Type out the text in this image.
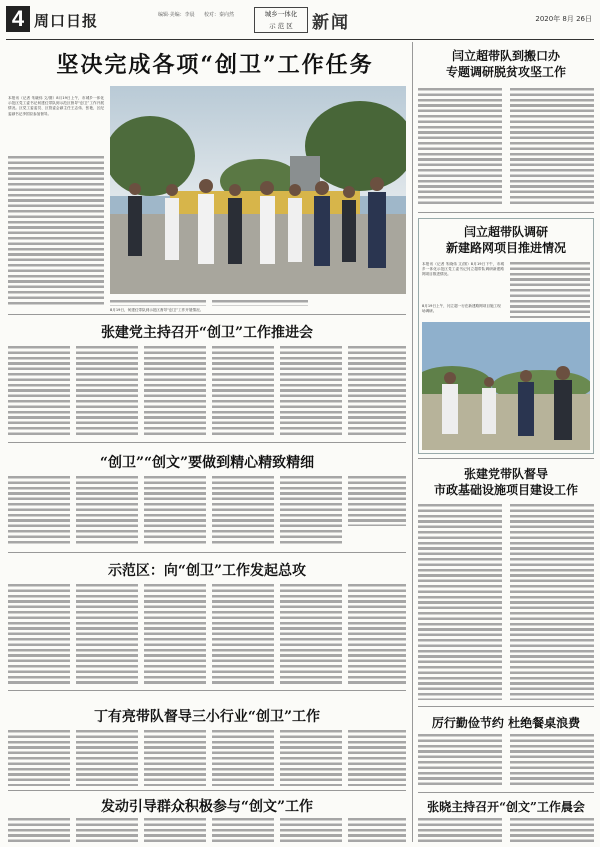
4 周口日报	编辑·美编：李晨 校对：秦向然	城乡一体化
示 范 区	新闻	2020年 8月 26日
坚决完成各项“创卫”工作任务
本报讯（记者 朱晓伟 文/图）8月19日上午，市城乡一体化示范区党工委书记何建红带队到示范区督导“创卫”工作开展情况。区党工委委员、区管委会副主任王志伟、张艳，区纪委副书记李国臣参加督导。
8月19日，何建红带队到示范区督导“创卫”工作开展情况。
张建党主持召开“创卫”工作推进会
“创卫”“创文”要做到精心精致精细
示范区：向“创卫”工作发起总攻
丁有亮带队督导三小行业“创卫”工作
发动引导群众积极参与“创文”工作
闫立超带队到搬口办
专题调研脱贫攻坚工作
闫立超带队调研
新建路网项目推进情况
本报讯（记者 朱晓伟 文/图）8月19日下午，市城乡一体化示范区党工委书记闫立超带队调研新建路网项目推进情况。
8月19日上午，闫立超一行在新建路网项目施工现场调研。
张建党带队督导
市政基础设施项目建设工作
厉行勤俭节约 杜绝餐桌浪费
张晓主持召开“创文”工作晨会
